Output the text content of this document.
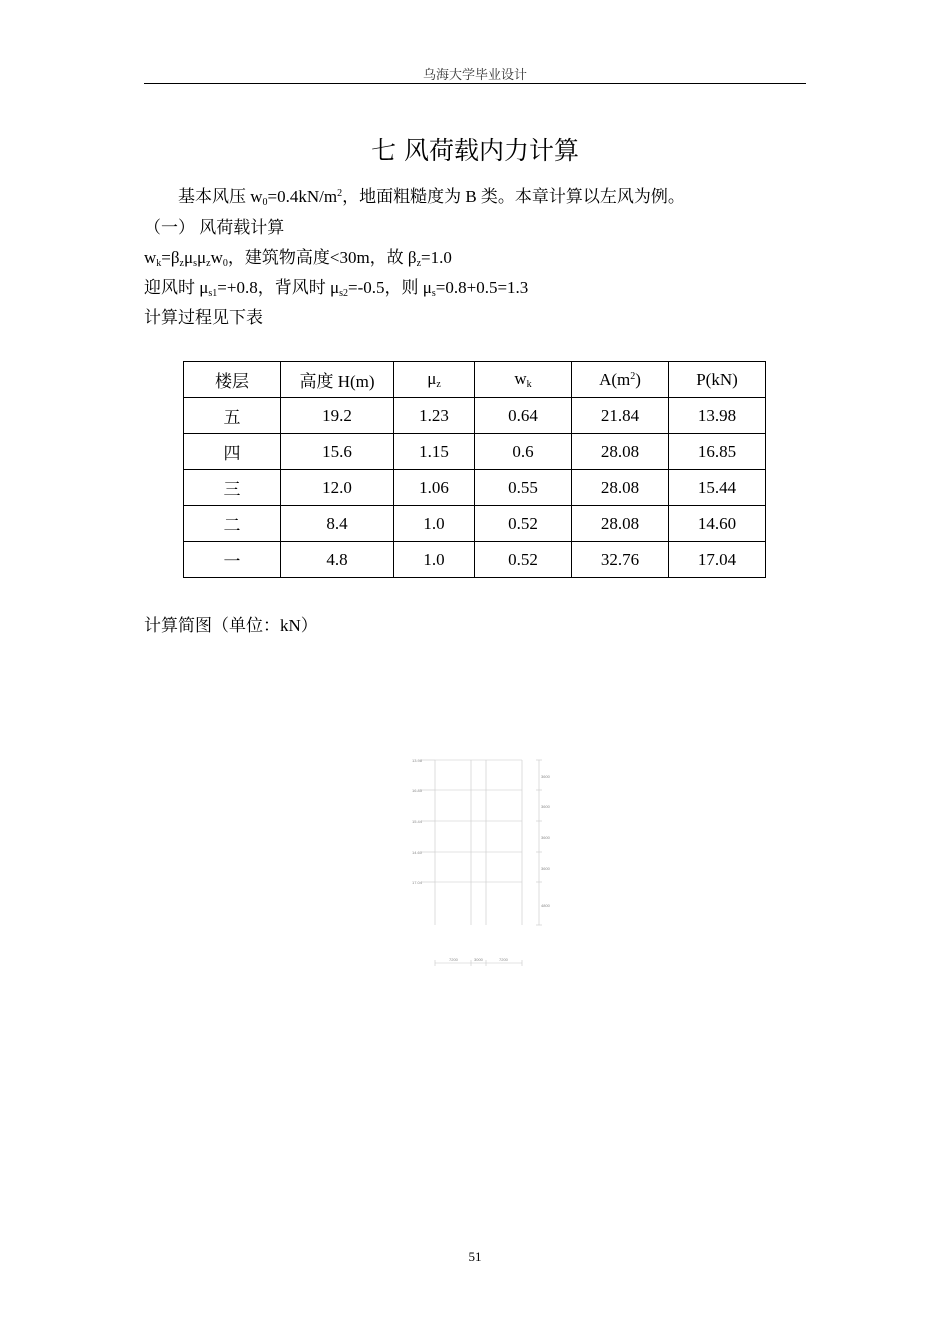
乌海大学毕业设计
七 风荷载内力计算
基本风压 $w_0=0.4kN/m^2$，地面粗糙度为 B 类。本章计算以左风为例。
（一） 风荷载计算
$w_k=\beta_z\mu_s\mu_zw_0$，建筑物高度<30m，故 $\beta_z=1.0$
迎风时 $\mu_{s1}=+0.8$，背风时 $\mu_{s2}=-0.5$，则 $\mu_s=0.8+0.5=1.3$
计算过程见下表
楼层	高度 H(m)	$\mu_z$	$w_k$	$A(m^2)$	P(kN)
五	19.2	1.23	0.64	21.84	13.98
四	15.6	1.15	0.6	28.08	16.85
三	12.0	1.06	0.55	28.08	15.44
二	8.4	1.0	0.52	28.08	14.60
一	4.8	1.0	0.52	32.76	17.04
计算简图（单位：kN）
13.98
16.85
15.44
14.60
17.04
3600
3600
3600
3600
4800
7200	3000	7200
51
